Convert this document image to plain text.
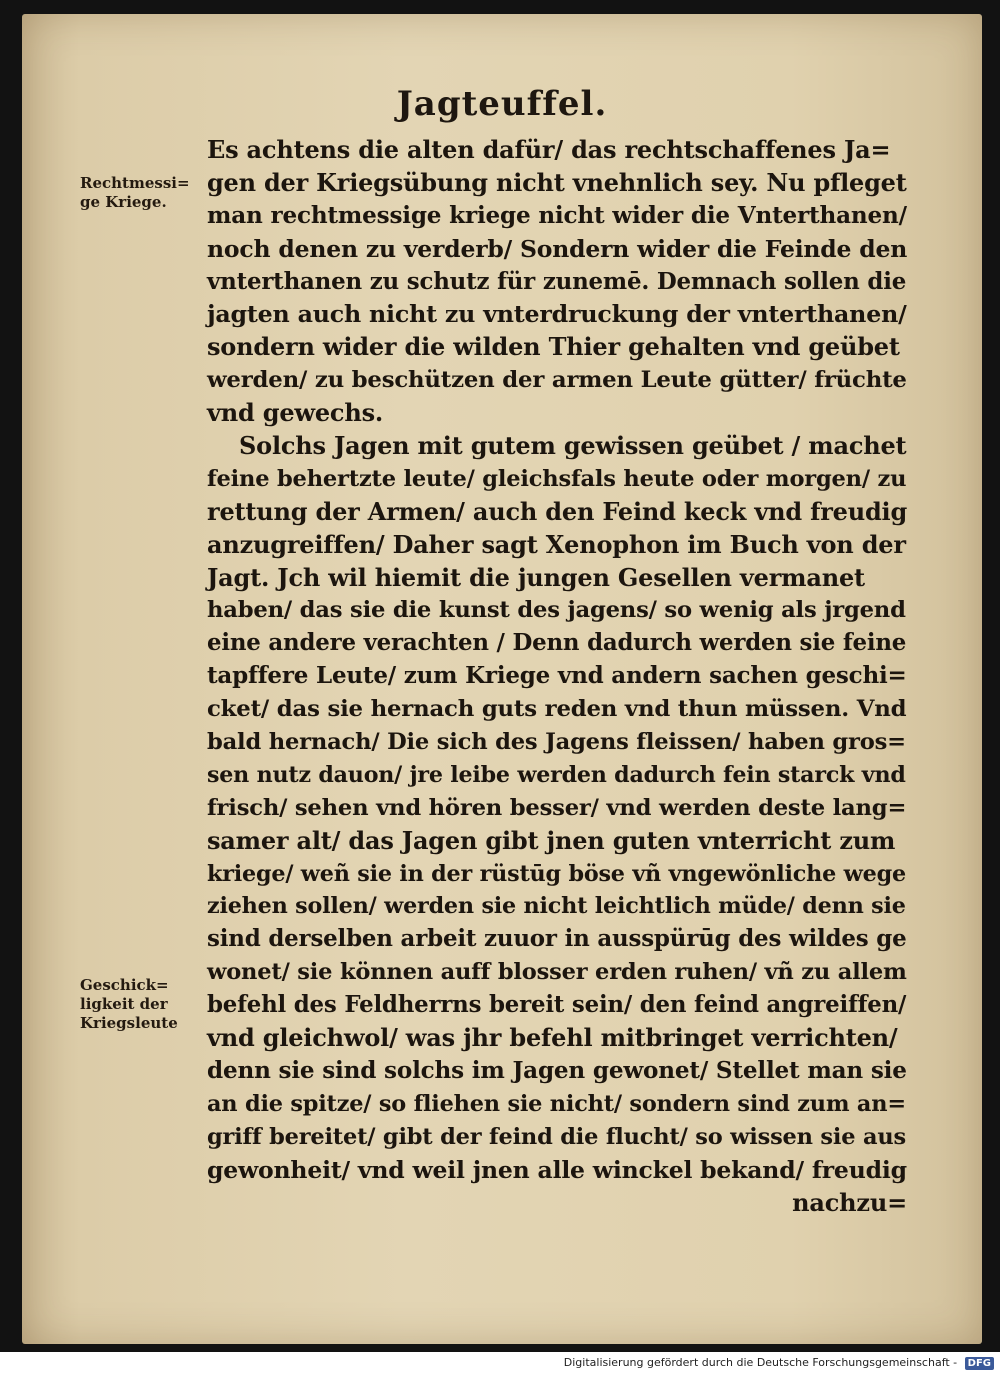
Jagteuffel.
Rechtmessi=
ge Kriege.
Geschick=
ligkeit der
Kriegsleute
Es achtens die alten dafür/ das rechtschaffenes Ja=
gen der Kriegsübung nicht vnehnlich sey. Nu pfleget
man rechtmessige kriege nicht wider die Vnterthanen/
noch denen zu verderb/ Sondern wider die Feinde den
vnterthanen zu schutz für zunemē. Demnach sollen die
jagten auch nicht zu vnterdruckung der vnterthanen/
sondern wider die wilden Thier gehalten vnd geübet
werden/ zu beschützen der armen Leute gütter/ früchte
vnd gewechs.
Solchs Jagen mit gutem gewissen geübet / machet
feine behertzte leute/ gleichsfals heute oder morgen/ zu
rettung der Armen/ auch den Feind keck vnd freudig
anzugreiffen/ Daher sagt Xenophon im Buch von der
Jagt. Jch wil hiemit die jungen Gesellen vermanet
haben/ das sie die kunst des jagens/ so wenig als jrgend
eine andere verachten / Denn dadurch werden sie feine
tapffere Leute/ zum Kriege vnd andern sachen geschi=
cket/ das sie hernach guts reden vnd thun müssen. Vnd
bald hernach/ Die sich des Jagens fleissen/ haben gros=
sen nutz dauon/ jre leibe werden dadurch fein starck vnd
frisch/ sehen vnd hören besser/ vnd werden deste lang=
samer alt/ das Jagen gibt jnen guten vnterricht zum
kriege/ weñ sie in der rüstūg böse vñ vngewönliche wege
ziehen sollen/ werden sie nicht leichtlich müde/ denn sie
sind derselben arbeit zuuor in ausspürūg des wildes ge
wonet/ sie können auff blosser erden ruhen/ vñ zu allem
befehl des Feldherrns bereit sein/ den feind angreiffen/
vnd gleichwol/ was jhr befehl mitbringet verrichten/
denn sie sind solchs im Jagen gewonet/ Stellet man sie
an die spitze/ so fliehen sie nicht/ sondern sind zum an=
griff bereitet/ gibt der feind die flucht/ so wissen sie aus
gewonheit/ vnd weil jnen alle winckel bekand/ freudig
nachzu=
Digitalisierung gefördert durch die Deutsche Forschungsgemeinschaft - DFG
